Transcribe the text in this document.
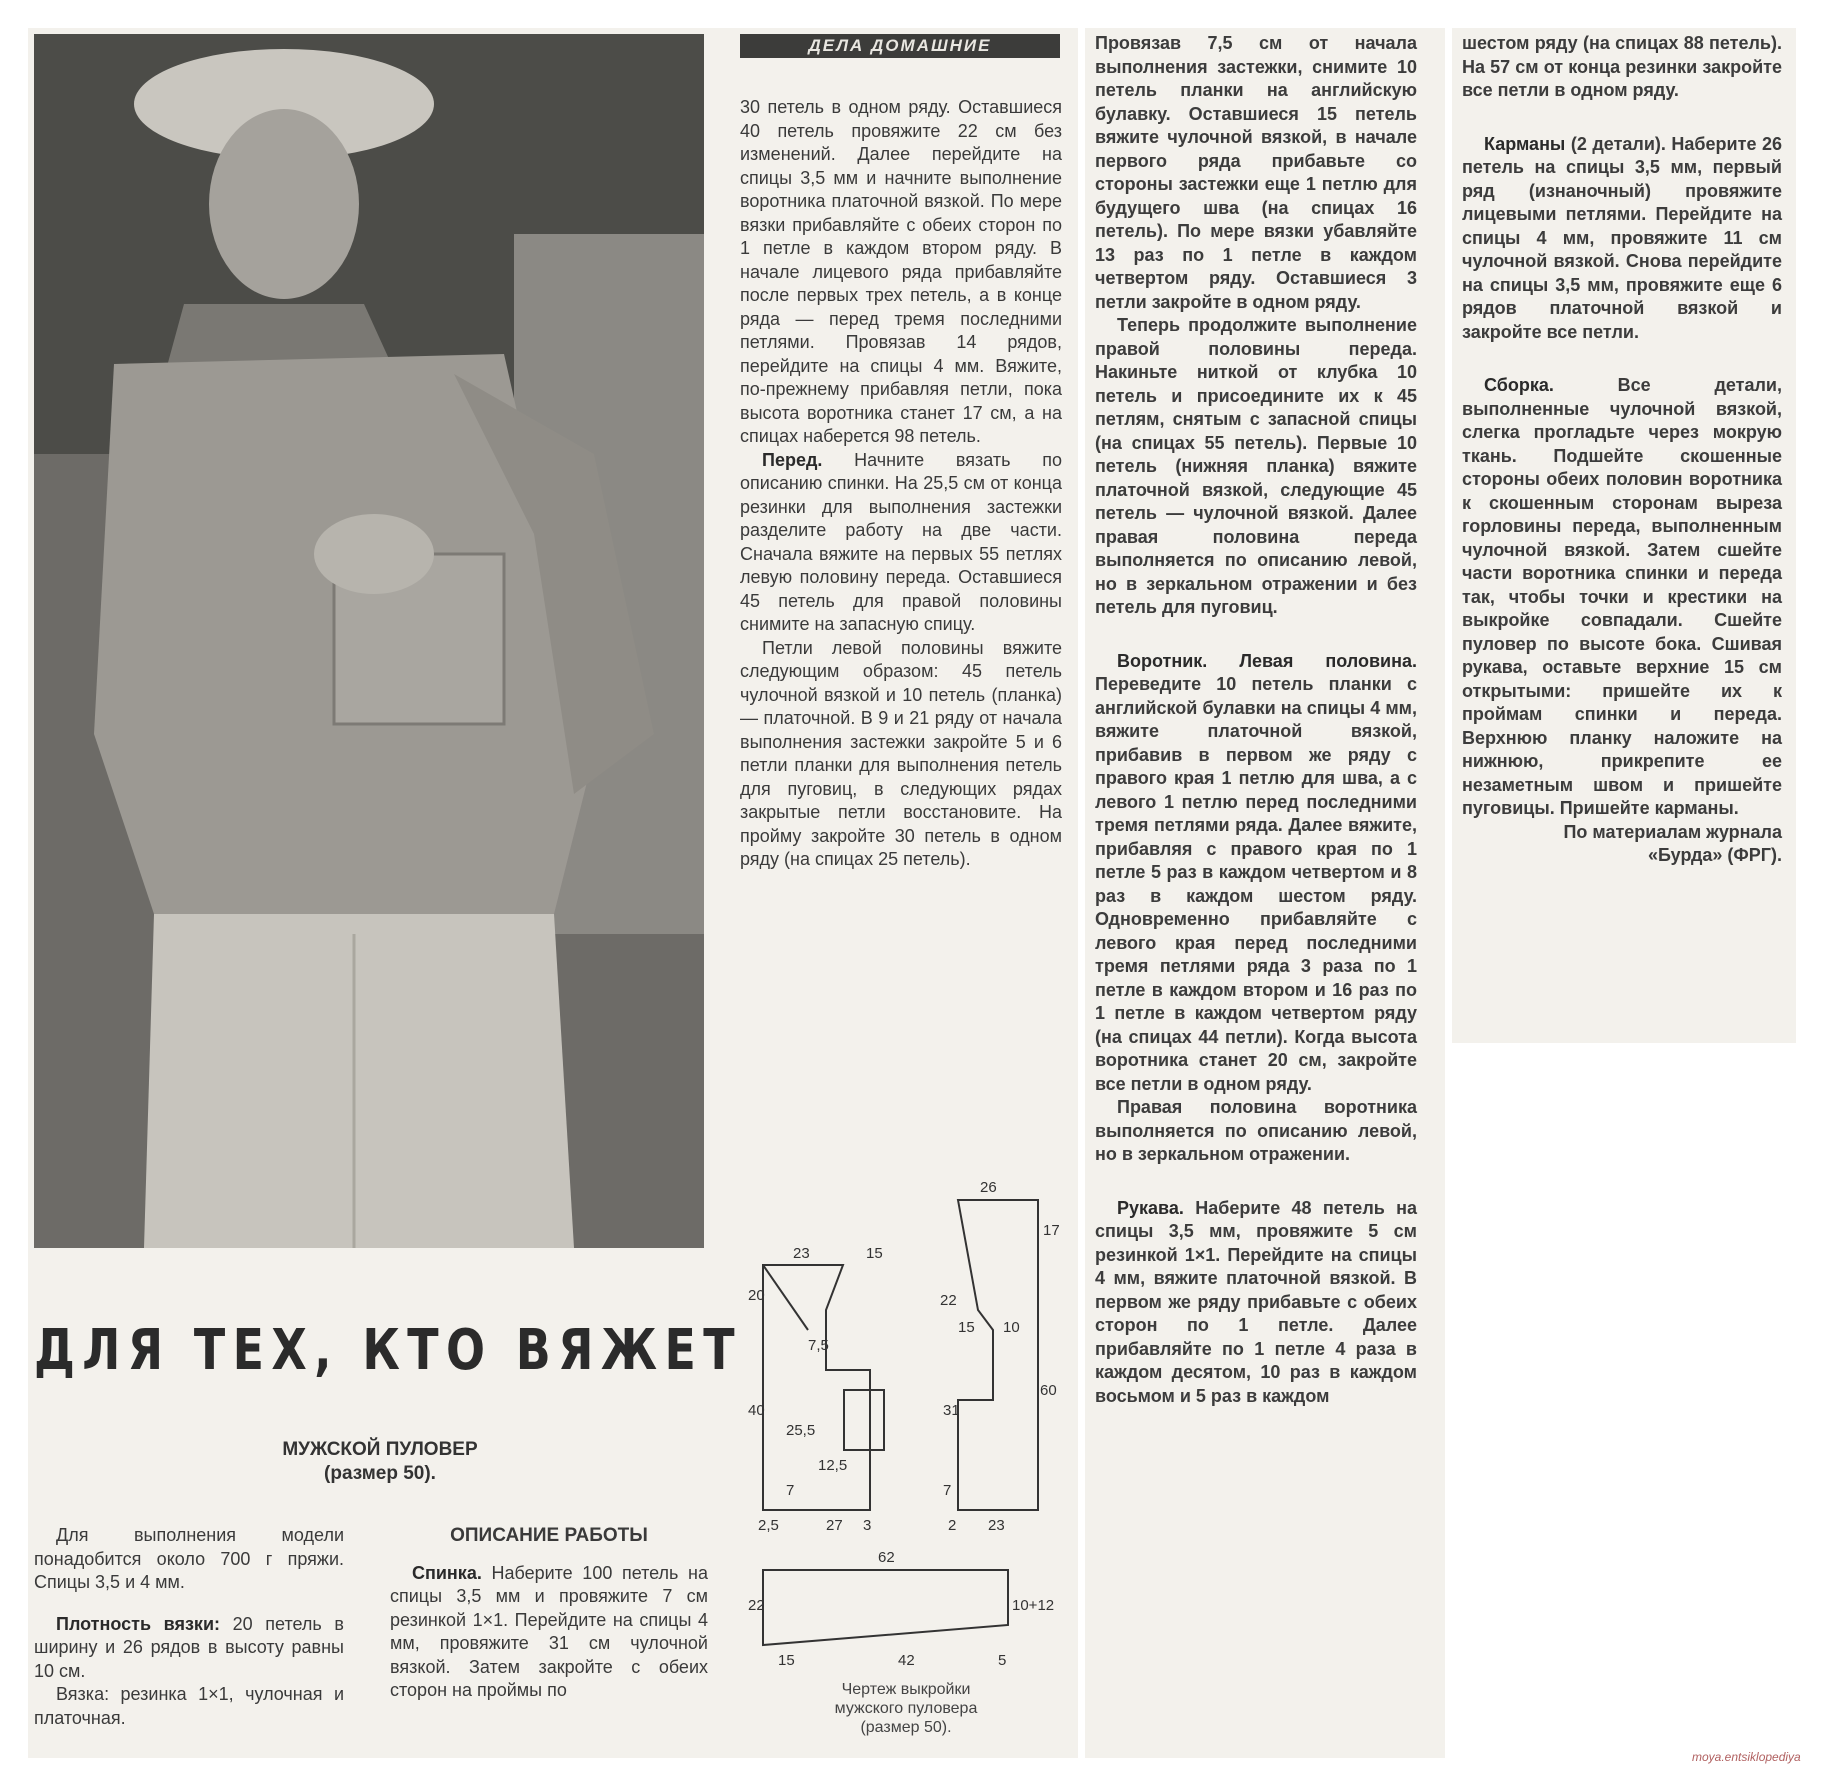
ДЕЛА ДОМАШНИЕ
ДЛЯ ТЕХ, КТО ВЯЖЕТ
МУЖСКОЙ ПУЛОВЕР
(размер 50).

Для выполнения модели понадобится около 700 г пряжи. Спицы 3,5 и 4 мм.

Плотность вязки: 20 петель в ширину и 26 рядов в высоту равны 10 см.

Вязка: резинка 1×1, чулочная и платочная.

ОПИСАНИЕ РАБОТЫ

Спинка. Наберите 100 петель на спицы 3,5 мм и провяжите 7 см резинкой 1×1. Перейдите на спицы 4 мм, провяжите 31 см чулочной вязкой. Затем закройте с обеих сторон на проймы по

30 петель в одном ряду. Оставшиеся 40 петель провяжите 22 см без изменений. Далее перейдите на спицы 3,5 мм и начните выполнение воротника платочной вязкой. По мере вязки прибавляйте с обеих сторон по 1 петле в каждом втором ряду. В начале лицевого ряда прибавляйте после первых трех петель, а в конце ряда — перед тремя последними петлями. Провязав 14 рядов, перейдите на спицы 4 мм. Вяжите, по-прежнему прибавляя петли, пока высота воротника станет 17 см, а на спицах наберется 98 петель.

Перед. Начните вязать по описанию спинки. На 25,5 см от конца резинки для выполнения застежки разделите работу на две части. Сначала вяжите на первых 55 петлях левую половину переда. Оставшиеся 45 петель для правой половины снимите на запасную спицу.

Петли левой половины вяжите следующим образом: 45 петель чулочной вязкой и 10 петель (планка) — платочной. В 9 и 21 ряду от начала выполнения застежки закройте 5 и 6 петли планки для выполнения петель для пуговиц, в следующих рядах закрытые петли восстановите. На пройму закройте 30 петель в одном ряду (на спицах 25 петель).

23	15
20
7,5
40
25,5
12,5
7
2,5	27 3
26
17
22
15 10
31
60
7
2 23
62
22	10+12
15	42	5
Чертеж выкройки
мужского пуловера
(размер 50).

Провязав 7,5 см от начала выполнения застежки, снимите 10 петель планки на английскую булавку. Оставшиеся 15 петель вяжите чулочной вязкой, в начале первого ряда прибавьте со стороны застежки еще 1 петлю для будущего шва (на спицах 16 петель). По мере вязки убавляйте 13 раз по 1 петле в каждом четвертом ряду. Оставшиеся 3 петли закройте в одном ряду.

Теперь продолжите выполнение правой половины переда. Накиньте ниткой от клубка 10 петель и присоедините их к 45 петлям, снятым с запасной спицы (на спицах 55 петель). Первые 10 петель (нижняя планка) вяжите платочной вязкой, следующие 45 петель — чулочной вязкой. Далее правая половина переда выполняется по описанию левой, но в зеркальном отражении и без петель для пуговиц.

Воротник. Левая половина. Переведите 10 петель планки с английской булавки на спицы 4 мм, вяжите платочной вязкой, прибавив в первом же ряду с правого края 1 петлю для шва, а с левого 1 петлю перед последними тремя петлями ряда. Далее вяжите, прибавляя с правого края по 1 петле 5 раз в каждом четвертом и 8 раз в каждом шестом ряду. Одновременно прибавляйте с левого края перед последними тремя петлями ряда 3 раза по 1 петле в каждом втором и 16 раз по 1 петле в каждом четвертом ряду (на спицах 44 петли). Когда высота воротника станет 20 см, закройте все петли в одном ряду.

Правая половина воротника выполняется по описанию левой, но в зеркальном отражении.

Рукава. Наберите 48 петель на спицы 3,5 мм, провяжите 5 см резинкой 1×1. Перейдите на спицы 4 мм, вяжите платочной вязкой. В первом же ряду прибавьте с обеих сторон по 1 петле. Далее прибавляйте по 1 петле 4 раза в каждом десятом, 10 раз в каждом восьмом и 5 раз в каждом

шестом ряду (на спицах 88 петель). На 57 см от конца резинки закройте все петли в одном ряду.

Карманы (2 детали). Наберите 26 петель на спицы 3,5 мм, первый ряд (изнаночный) провяжите лицевыми петлями. Перейдите на спицы 4 мм, провяжите 11 см чулочной вязкой. Снова перейдите на спицы 3,5 мм, провяжите еще 6 рядов платочной вязкой и закройте все петли.

Сборка. Все детали, выполненные чулочной вязкой, слегка прогладьте через мокрую ткань. Подшейте скошенные стороны обеих половин воротника к скошенным сторонам выреза горловины переда, выполненным чулочной вязкой. Затем сшейте части воротника спинки и переда так, чтобы точки и крестики на выкройке совпадали. Сшейте пуловер по высоте бока. Сшивая рукава, оставьте верхние 15 см открытыми: пришейте их к проймам спинки и переда. Верхнюю планку наложите на нижнюю, прикрепите ее незаметным швом и пришейте пуговицы. Пришейте карманы.

По материалам журнала

«Бурда» (ФРГ).

moya.entsiklopediya
